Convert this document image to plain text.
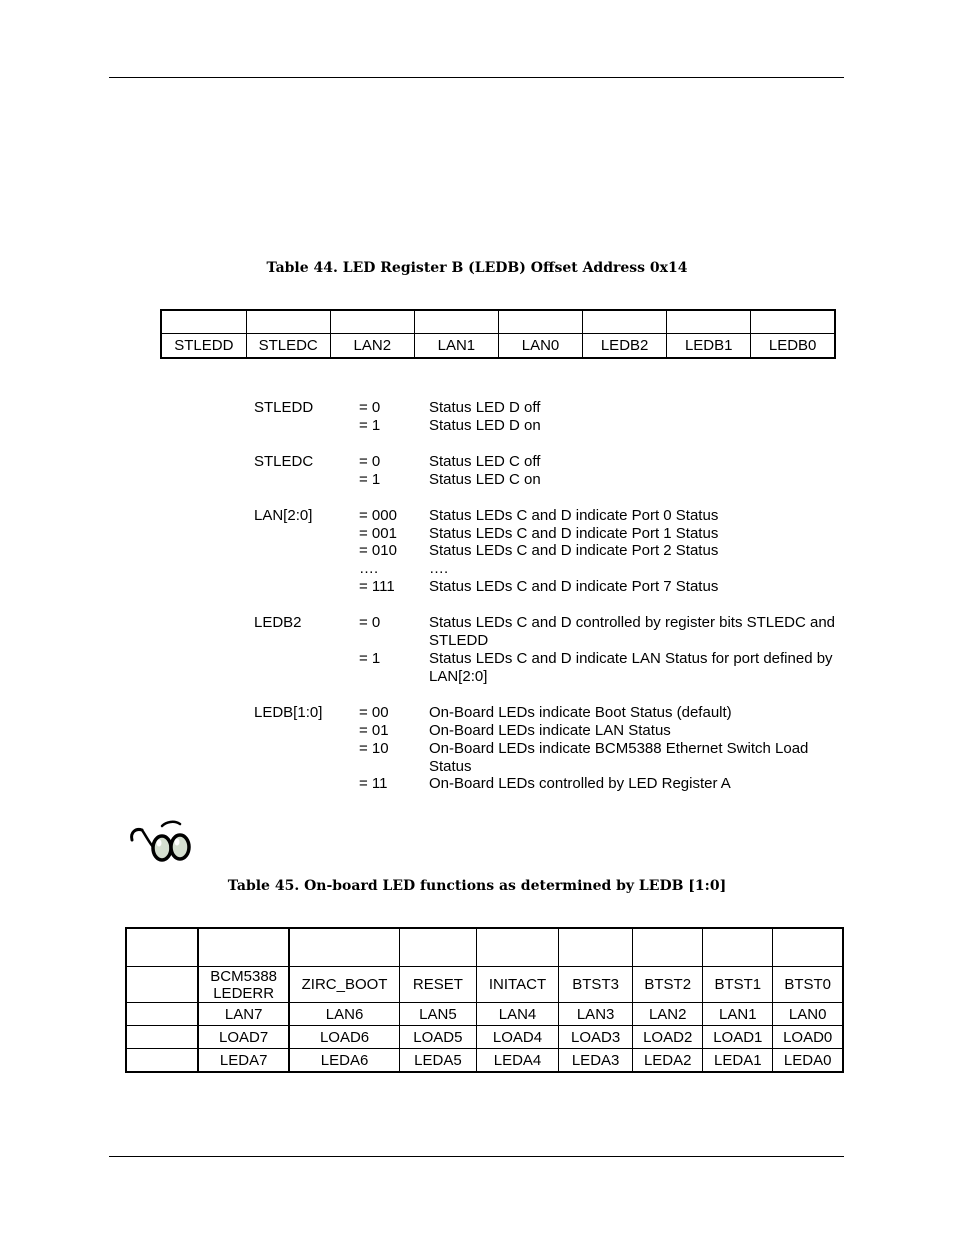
Table 44. LED Register B (LEDB) Offset Address 0x14

STLEDD	STLEDC	LAN2	LAN1	LAN0	LEDB2	LEDB1	LEDB0
STLEDD	= 0	Status LED D off
= 1	Status LED D on
STLEDC	= 0	Status LED C off
= 1	Status LED C on
LAN[2:0]	= 000 Status LEDs C and D indicate Port 0 Status
= 001 Status LEDs C and D indicate Port 1 Status
= 010 Status LEDs C and D indicate Port 2 Status
….	….
= 111 Status LEDs C and D indicate Port 7 Status
LEDB2	= 0	Status LEDs C and D controlled by register bits STLEDC and STLEDD
= 1	Status LEDs C and D indicate LAN Status for port defined by LAN[2:0]
LEDB[1:0] = 00	On-Board LEDs indicate Boot Status (default)
= 01	On-Board LEDs indicate LAN Status
= 10	On-Board LEDs indicate BCM5388 Ethernet Switch Load Status
= 11	On-Board LEDs controlled by LED Register A
Table 45. On-board LED functions as determined by LEDB [1:0]

	BCM5388 LEDERR	ZIRC_BOOT	RESET	INITACT	BTST3	BTST2	BTST1	BTST0
	LAN7	LAN6	LAN5	LAN4	LAN3	LAN2	LAN1	LAN0
	LOAD7	LOAD6	LOAD5	LOAD4	LOAD3	LOAD2	LOAD1	LOAD0
	LEDA7	LEDA6	LEDA5	LEDA4	LEDA3	LEDA2	LEDA1	LEDA0
